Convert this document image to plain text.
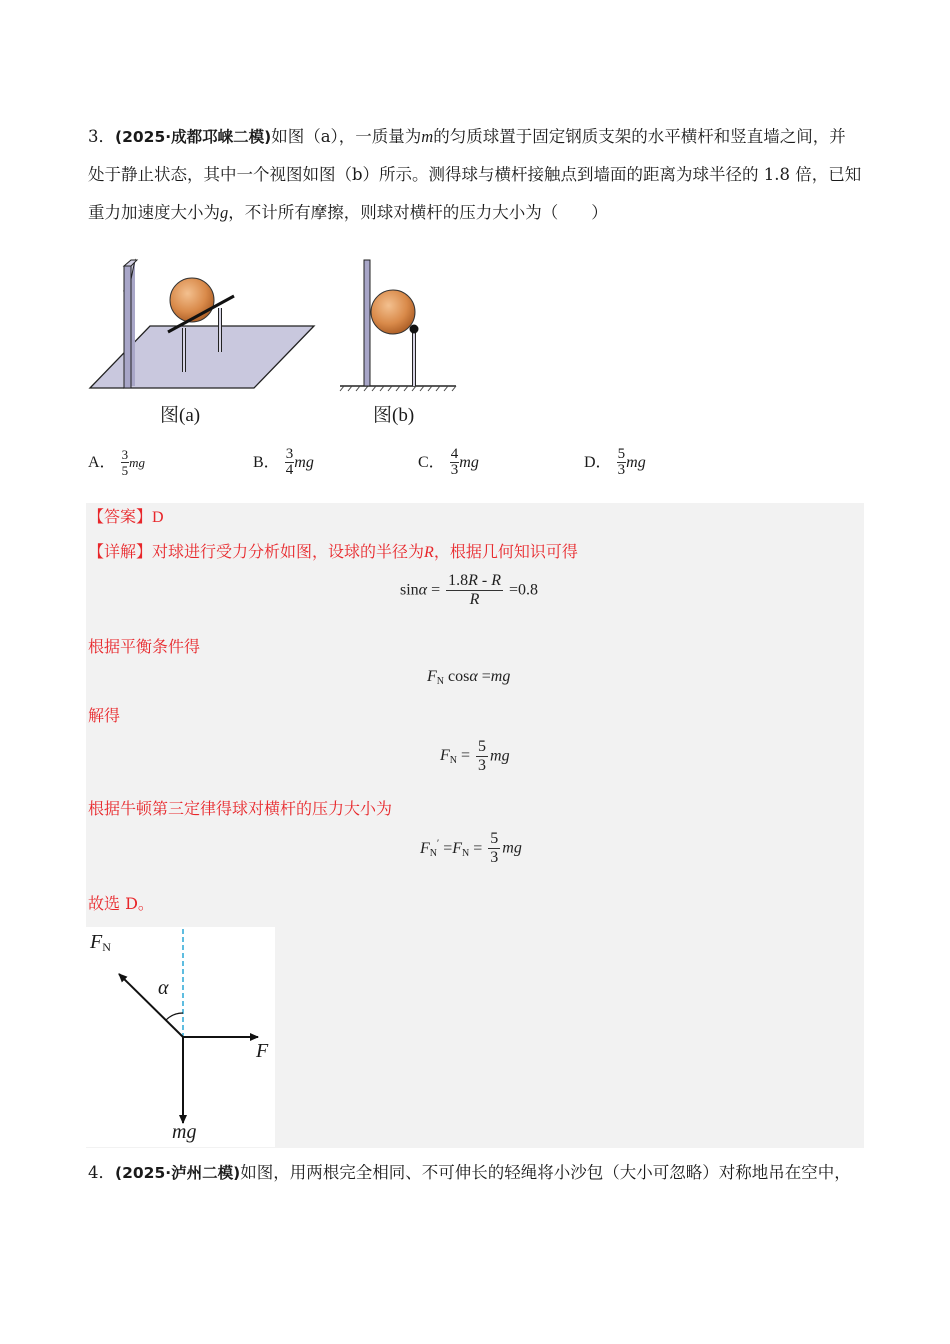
3．(2025·成都邛崃二模)如图（a），一质量为m的匀质球置于固定钢质支架的水平横杆和竖直墙之间，并
处于静止状态，其中一个视图如图（b）所示。测得球与横杆接触点到墙面的距离为球半径的 1.8 倍，已知
重力加速度大小为g，不计所有摩擦，则球对横杆的压力大小为（　　）
图(a)	图(b)
A． $\frac{3}{5}$ mg	B． $\frac{3}{4}$ mg	C． $\frac{4}{3}$ mg	D． $\frac{5}{3}$ mg
【答案】D
【详解】对球进行受力分析如图，设球的半径为R，根据几何知识可得
$\sin\alpha = \frac{1.8R - R}{R} =0.8$
根据平衡条件得
$F_N$ cosα =mg
解得
$F_N = \frac{5}{3}$ mg
根据牛顿第三定律得球对横杆的压力大小为
$F_N' =F_N = \frac{5}{3}$ mg
故选 D。
$F_N$
α
F
mg
4．(2025·泸州二模)如图，用两根完全相同、不可伸长的轻绳将小沙包（大小可忽略）对称地吊在空中，
